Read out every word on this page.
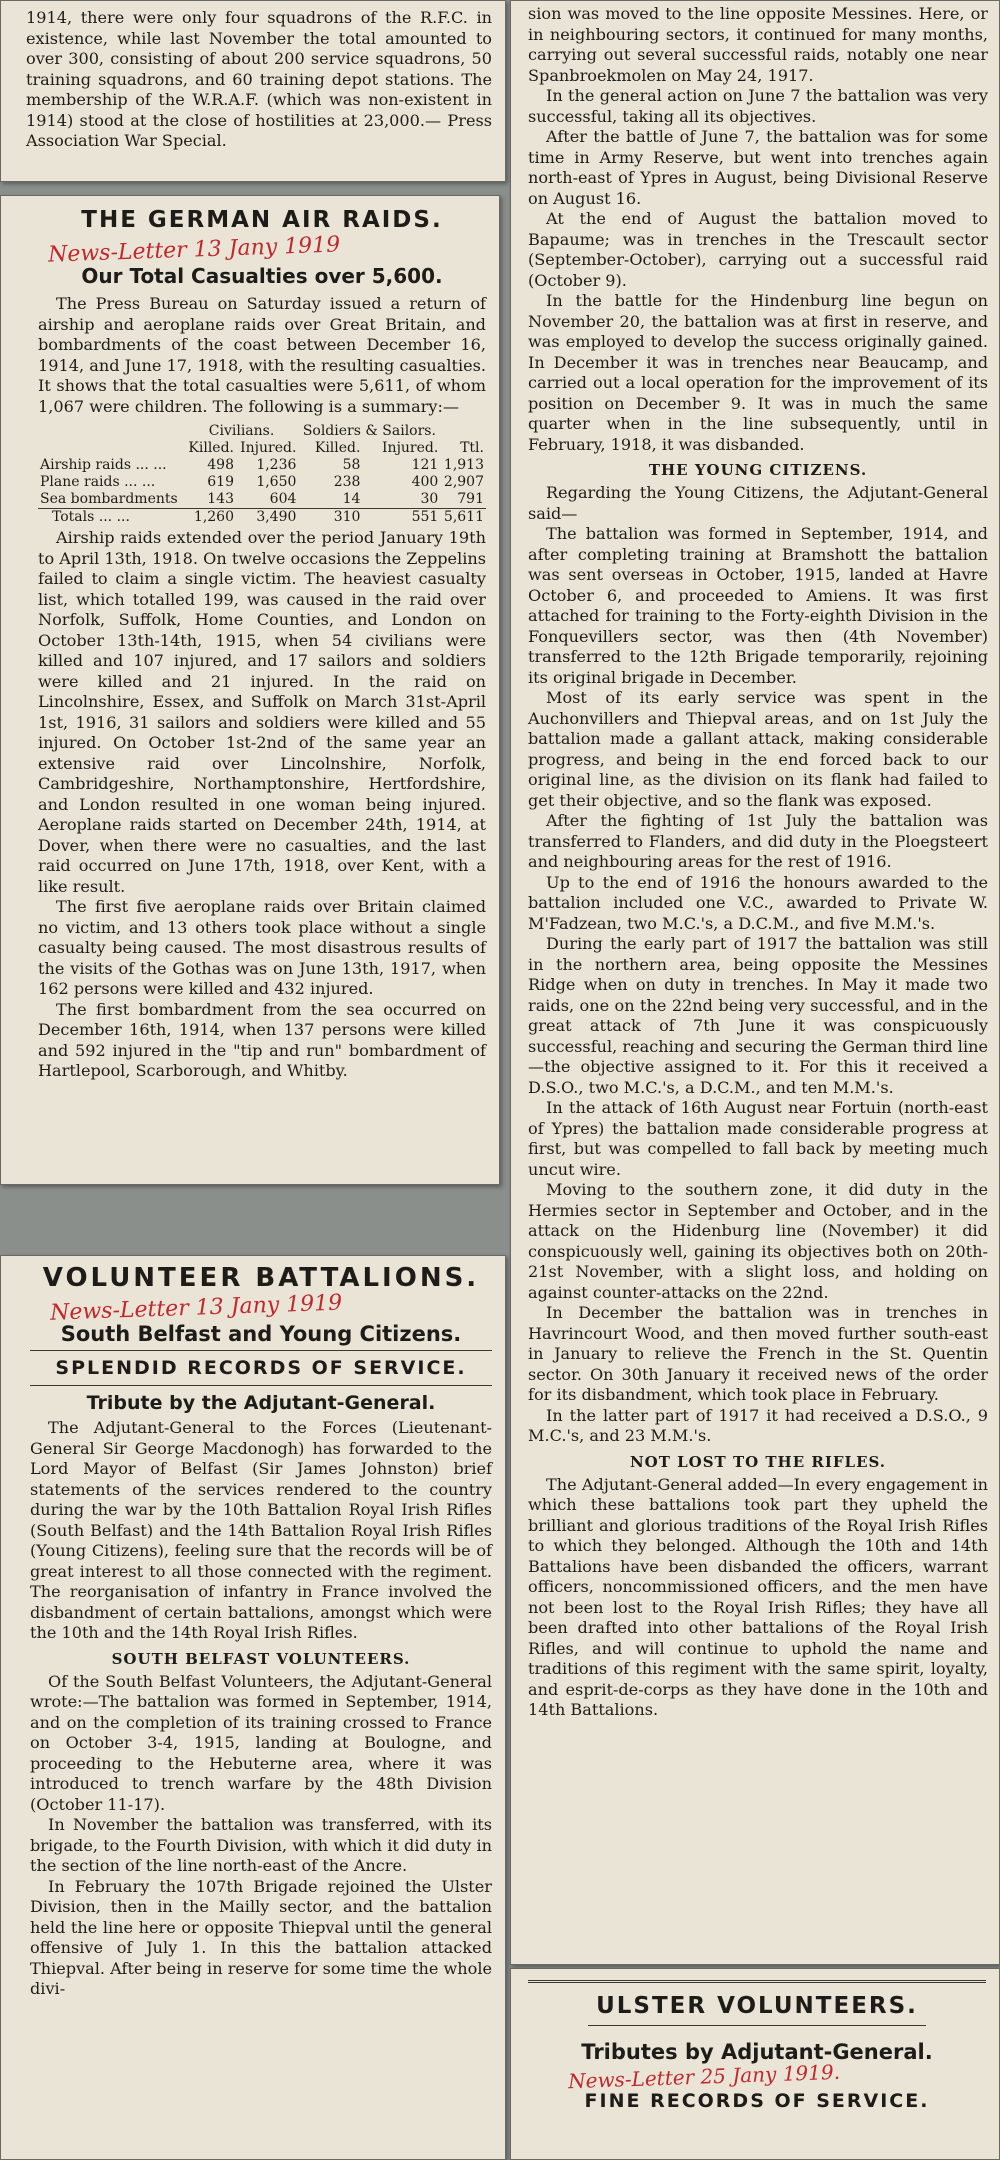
1914, there were only four squadrons of the R.F.C. in existence, while last November the total amounted to over 300, consisting of about 200 service squadrons, 50 training squadrons, and 60 training depot stations. The membership of the W.R.A.F. (which was non-existent in 1914) stood at the close of hostilities at 23,000.— Press Association War Special.

THE GERMAN AIR RAIDS.
News-Letter 13 Jany 1919
Our Total Casualties over 5,600.

The Press Bureau on Saturday issued a return of airship and aeroplane raids over Great Britain, and bombardments of the coast between December 16, 1914, and June 17, 1918, with the resulting casualties. It shows that the total casualties were 5,611, of whom 1,067 were children. The following is a summary:—

	Civilians.		Soldiers & Sailors.		
	Killed.	Injured.	Killed.	Injured.	Ttl.
Airship raids ... ...	498	1,236	58	121	1,913
Plane raids ... ...	619	1,650	238	400	2,907
Sea bombardments	143	604	14	30	791
Totals ... ...	1,260	3,490	310	551	5,611

Airship raids extended over the period January 19th to April 13th, 1918. On twelve occasions the Zeppelins failed to claim a single victim. The heaviest casualty list, which totalled 199, was caused in the raid over Norfolk, Suffolk, Home Counties, and London on October 13th-14th, 1915, when 54 civilians were killed and 107 injured, and 17 sailors and soldiers were killed and 21 injured. In the raid on Lincolnshire, Essex, and Suffolk on March 31st-April 1st, 1916, 31 sailors and soldiers were killed and 55 injured. On October 1st-2nd of the same year an extensive raid over Lincolnshire, Norfolk, Cambridgeshire, Northamptonshire, Hertfordshire, and London resulted in one woman being injured. Aeroplane raids started on December 24th, 1914, at Dover, when there were no casualties, and the last raid occurred on June 17th, 1918, over Kent, with a like result.

The first five aeroplane raids over Britain claimed no victim, and 13 others took place without a single casualty being caused. The most disastrous results of the visits of the Gothas was on June 13th, 1917, when 162 persons were killed and 432 injured.

The first bombardment from the sea occurred on December 16th, 1914, when 137 persons were killed and 592 injured in the "tip and run" bombardment of Hartlepool, Scarborough, and Whitby.

VOLUNTEER BATTALIONS.
News-Letter 13 Jany 1919
South Belfast and Young Citizens.
SPLENDID RECORDS OF SERVICE.
Tribute by the Adjutant-General.

The Adjutant-General to the Forces (Lieutenant-General Sir George Macdonogh) has forwarded to the Lord Mayor of Belfast (Sir James Johnston) brief statements of the services rendered to the country during the war by the 10th Battalion Royal Irish Rifles (South Belfast) and the 14th Battalion Royal Irish Rifles (Young Citizens), feeling sure that the records will be of great interest to all those connected with the regiment. The reorganisation of infantry in France involved the disbandment of certain battalions, amongst which were the 10th and the 14th Royal Irish Rifles.

SOUTH BELFAST VOLUNTEERS.

Of the South Belfast Volunteers, the Adjutant-General wrote:—The battalion was formed in September, 1914, and on the completion of its training crossed to France on October 3-4, 1915, landing at Boulogne, and proceeding to the Hebuterne area, where it was introduced to trench warfare by the 48th Division (October 11-17).

In November the battalion was transferred, with its brigade, to the Fourth Division, with which it did duty in the section of the line north-east of the Ancre.

In February the 107th Brigade rejoined the Ulster Division, then in the Mailly sector, and the battalion held the line here or opposite Thiepval until the general offensive of July 1. In this the battalion attacked Thiepval. After being in reserve for some time the whole divi-

sion was moved to the line opposite Messines. Here, or in neighbouring sectors, it continued for many months, carrying out several successful raids, notably one near Spanbroekmolen on May 24, 1917.

In the general action on June 7 the battalion was very successful, taking all its objectives.

After the battle of June 7, the battalion was for some time in Army Reserve, but went into trenches again north-east of Ypres in August, being Divisional Reserve on August 16.

At the end of August the battalion moved to Bapaume; was in trenches in the Trescault sector (September-October), carrying out a successful raid (October 9).

In the battle for the Hindenburg line begun on November 20, the battalion was at first in reserve, and was employed to develop the success originally gained. In December it was in trenches near Beaucamp, and carried out a local operation for the improvement of its position on December 9. It was in much the same quarter when in the line subsequently, until in February, 1918, it was disbanded.

THE YOUNG CITIZENS.

Regarding the Young Citizens, the Adjutant-General said—

The battalion was formed in September, 1914, and after completing training at Bramshott the battalion was sent overseas in October, 1915, landed at Havre October 6, and proceeded to Amiens. It was first attached for training to the Forty-eighth Division in the Fonquevillers sector, was then (4th November) transferred to the 12th Brigade temporarily, rejoining its original brigade in December.

Most of its early service was spent in the Auchonvillers and Thiepval areas, and on 1st July the battalion made a gallant attack, making considerable progress, and being in the end forced back to our original line, as the division on its flank had failed to get their objective, and so the flank was exposed.

After the fighting of 1st July the battalion was transferred to Flanders, and did duty in the Ploegsteert and neighbouring areas for the rest of 1916.

Up to the end of 1916 the honours awarded to the battalion included one V.C., awarded to Private W. M'Fadzean, two M.C.'s, a D.C.M., and five M.M.'s.

During the early part of 1917 the battalion was still in the northern area, being opposite the Messines Ridge when on duty in trenches. In May it made two raids, one on the 22nd being very successful, and in the great attack of 7th June it was conspicuously successful, reaching and securing the German third line—the objective assigned to it. For this it received a D.S.O., two M.C.'s, a D.C.M., and ten M.M.'s.

In the attack of 16th August near Fortuin (north-east of Ypres) the battalion made considerable progress at first, but was compelled to fall back by meeting much uncut wire.

Moving to the southern zone, it did duty in the Hermies sector in September and October, and in the attack on the Hidenburg line (November) it did conspicuously well, gaining its objectives both on 20th-21st November, with a slight loss, and holding on against counter-attacks on the 22nd.

In December the battalion was in trenches in Havrincourt Wood, and then moved further south-east in January to relieve the French in the St. Quentin sector. On 30th January it received news of the order for its disbandment, which took place in February.

In the latter part of 1917 it had received a D.S.O., 9 M.C.'s, and 23 M.M.'s.

NOT LOST TO THE RIFLES.

The Adjutant-General added—In every engagement in which these battalions took part they upheld the brilliant and glorious traditions of the Royal Irish Rifles to which they belonged. Although the 10th and 14th Battalions have been disbanded the officers, warrant officers, noncommissioned officers, and the men have not been lost to the Royal Irish Rifles; they have all been drafted into other battalions of the Royal Irish Rifles, and will continue to uphold the name and traditions of this regiment with the same spirit, loyalty, and esprit-de-corps as they have done in the 10th and 14th Battalions.

ULSTER VOLUNTEERS.
Tributes by Adjutant-General.
News-Letter 25 Jany 1919.
FINE RECORDS OF SERVICE.
